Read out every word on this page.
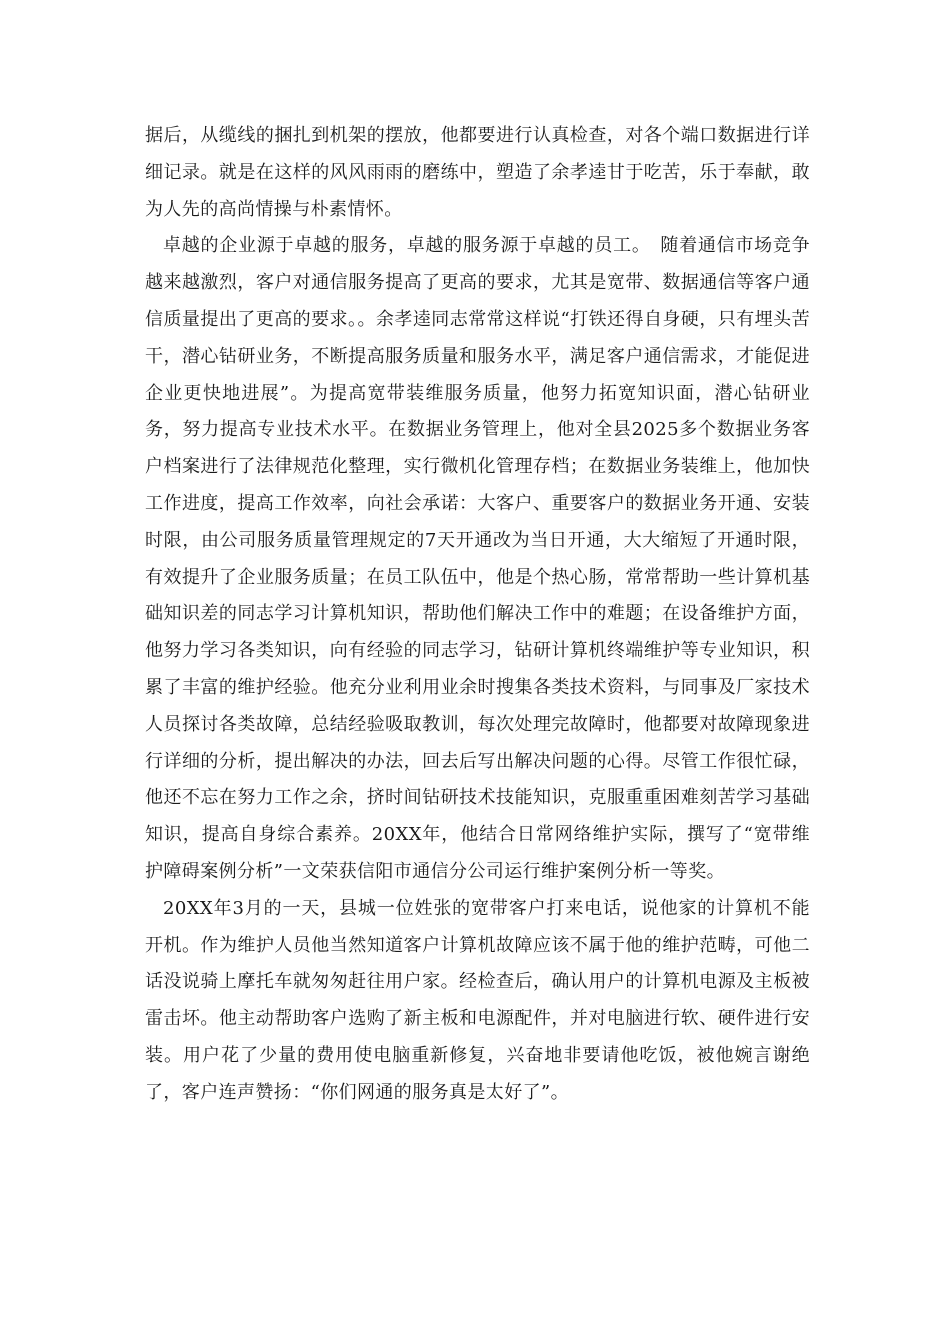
据后，从缆线的捆扎到机架的摆放，他都要进行认真检查，对各个端口数据进行详细记录。就是在这样的风风雨雨的磨练中，塑造了余孝逵甘于吃苦，乐于奉献，敢为人先的高尚情操与朴素情怀。

卓越的企业源于卓越的服务，卓越的服务源于卓越的员工。　随着通信市场竞争越来越激烈，客户对通信服务提高了更高的要求，尤其是宽带、数据通信等客户通信质量提出了更高的要求。。余孝逵同志常常这样说“打铁还得自身硬，只有埋头苦干，潜心钻研业务，不断提高服务质量和服务水平，满足客户通信需求，才能促进企业更快地进展”。为提高宽带装维服务质量，他努力拓宽知识面，潜心钻研业务，努力提高专业技术水平。在数据业务管理上，他对全县2025多个数据业务客户档案进行了法律规范化整理，实行微机化管理存档；在数据业务装维上，他加快工作进度，提高工作效率，向社会承诺：大客户、重要客户的数据业务开通、安装时限，由公司服务质量管理规定的7天开通改为当日开通，大大缩短了开通时限，有效提升了企业服务质量；在员工队伍中，他是个热心肠，常常帮助一些计算机基础知识差的同志学习计算机知识，帮助他们解决工作中的难题；在设备维护方面，他努力学习各类知识，向有经验的同志学习，钻研计算机终端维护等专业知识，积累了丰富的维护经验。他充分业利用业余时搜集各类技术资料，与同事及厂家技术人员探讨各类故障，总结经验吸取教训，每次处理完故障时，他都要对故障现象进行详细的分析，提出解决的办法，回去后写出解决问题的心得。尽管工作很忙碌，他还不忘在努力工作之余，挤时间钻研技术技能知识，克服重重困难刻苦学习基础知识，提高自身综合素养。20XX年，他结合日常网络维护实际，撰写了“宽带维护障碍案例分析”一文荣获信阳市通信分公司运行维护案例分析一等奖。

20XX年3月的一天，县城一位姓张的宽带客户打来电话，说他家的计算机不能开机。作为维护人员他当然知道客户计算机故障应该不属于他的维护范畴，可他二话没说骑上摩托车就匆匆赶往用户家。经检查后，确认用户的计算机电源及主板被雷击坏。他主动帮助客户选购了新主板和电源配件，并对电脑进行软、硬件进行安装。用户花了少量的费用使电脑重新修复，兴奋地非要请他吃饭，被他婉言谢绝了，客户连声赞扬：“你们网通的服务真是太好了”。
